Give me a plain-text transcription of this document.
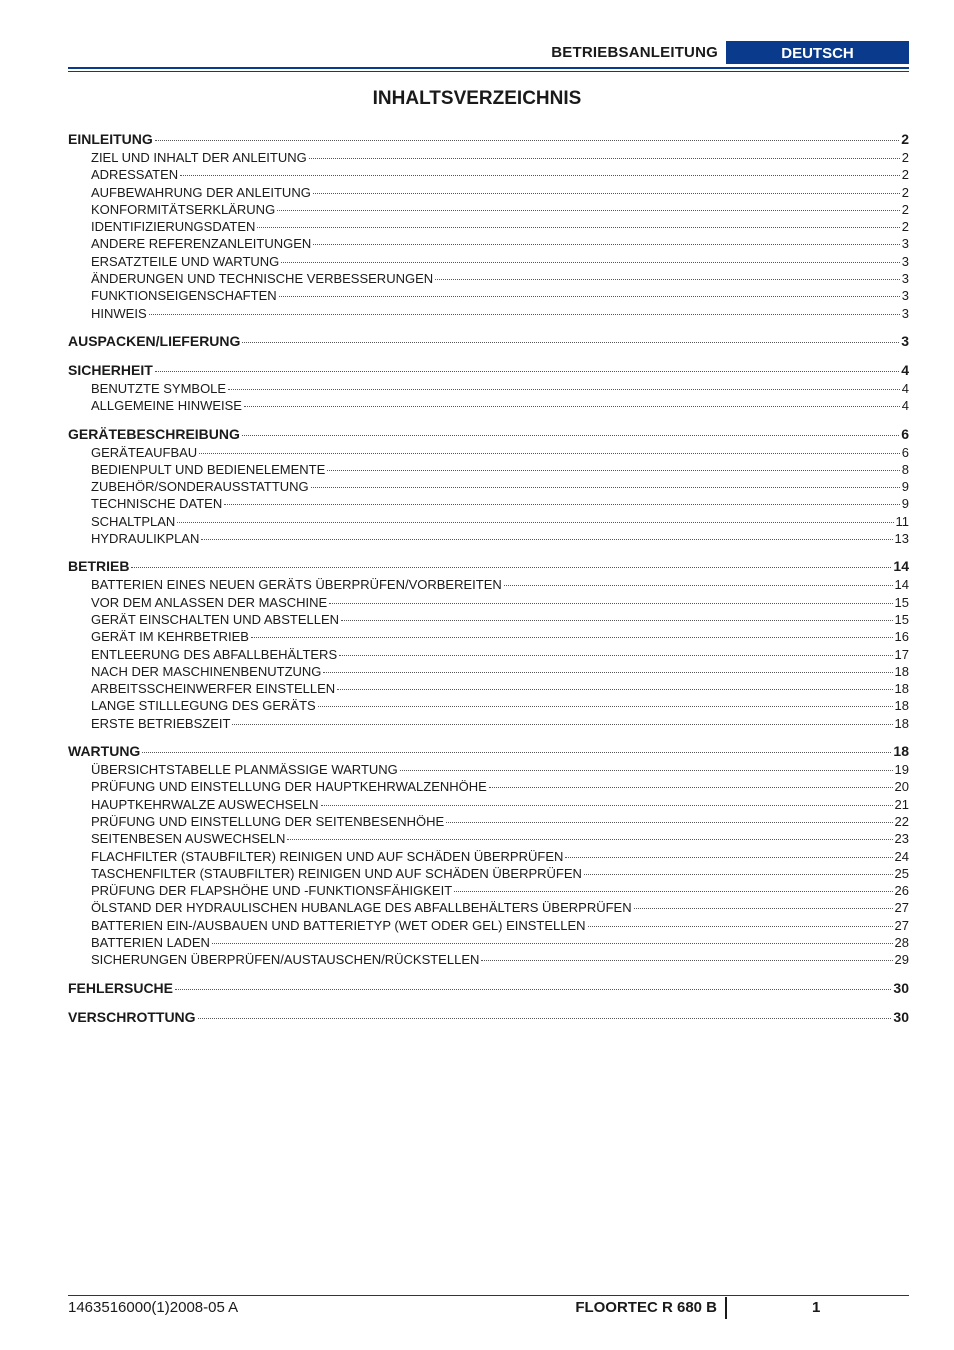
BETRIEBSANLEITUNG	DEUTSCH
INHALTSVERZEICHNIS
EINLEITUNG	2
ZIEL UND INHALT DER ANLEITUNG	2
ADRESSATEN	2
AUFBEWAHRUNG DER ANLEITUNG	2
KONFORMITÄTSERKLÄRUNG	2
IDENTIFIZIERUNGSDATEN	2
ANDERE REFERENZANLEITUNGEN	3
ERSATZTEILE UND WARTUNG	3
ÄNDERUNGEN UND TECHNISCHE VERBESSERUNGEN	3
FUNKTIONSEIGENSCHAFTEN	3
HINWEIS	3
AUSPACKEN/LIEFERUNG	3
SICHERHEIT	4
BENUTZTE SYMBOLE	4
ALLGEMEINE HINWEISE	4
GERÄTEBESCHREIBUNG	6
GERÄTEAUFBAU	6
BEDIENPULT UND BEDIENELEMENTE	8
ZUBEHÖR/SONDERAUSSTATTUNG	9
TECHNISCHE DATEN	9
SCHALTPLAN	11
HYDRAULIKPLAN	13
BETRIEB	14
BATTERIEN EINES NEUEN GERÄTS ÜBERPRÜFEN/VORBEREITEN	14
VOR DEM ANLASSEN DER MASCHINE	15
GERÄT EINSCHALTEN UND ABSTELLEN	15
GERÄT IM KEHRBETRIEB	16
ENTLEERUNG DES ABFALLBEHÄLTERS	17
NACH DER MASCHINENBENUTZUNG	18
ARBEITSSCHEINWERFER EINSTELLEN	18
LANGE STILLLEGUNG DES GERÄTS	18
ERSTE BETRIEBSZEIT	18
WARTUNG	18
ÜBERSICHTSTABELLE PLANMÄSSIGE WARTUNG	19
PRÜFUNG UND EINSTELLUNG DER HAUPTKEHRWALZENHÖHE	20
HAUPTKEHRWALZE AUSWECHSELN	21
PRÜFUNG UND EINSTELLUNG DER SEITENBESENHÖHE	22
SEITENBESEN AUSWECHSELN	23
FLACHFILTER (STAUBFILTER) REINIGEN UND AUF SCHÄDEN ÜBERPRÜFEN	24
TASCHENFILTER (STAUBFILTER) REINIGEN UND AUF SCHÄDEN ÜBERPRÜFEN	25
PRÜFUNG DER FLAPSHÖHE UND -FUNKTIONSFÄHIGKEIT	26
ÖLSTAND DER HYDRAULISCHEN HUBANLAGE DES ABFALLBEHÄLTERS ÜBERPRÜFEN	27
BATTERIEN EIN-/AUSBAUEN UND BATTERIETYP (WET ODER GEL) EINSTELLEN	27
BATTERIEN LADEN	28
SICHERUNGEN ÜBERPRÜFEN/AUSTAUSCHEN/RÜCKSTELLEN	29
FEHLERSUCHE	30
VERSCHROTTUNG	30
1463516000(1)2008-05 A	FLOORTEC R 680 B	1
